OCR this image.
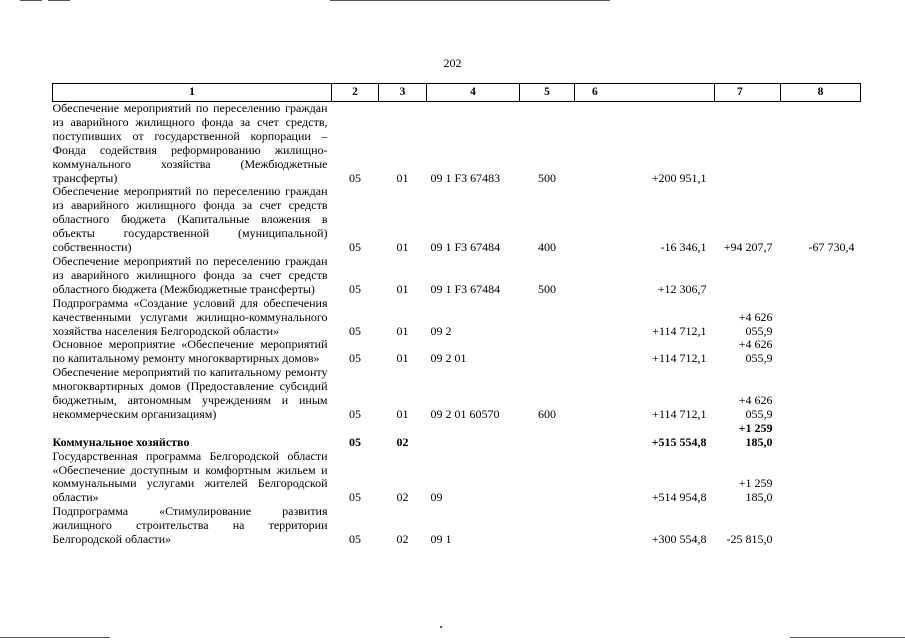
202
1	2	3	4	5	6	7	8
Обеспечение мероприятий по переселению граждан из аварийного жилищного фонда за счет средств, поступивших от государственной корпорации – Фонда содействия реформированию жилищно-коммунального хозяйства (Межбюджетные трансферты)	05	01	09 1 F3 67483	500	+200 951,1		
Обеспечение мероприятий по переселению граждан из аварийного жилищного фонда за счет средств областного бюджета (Капитальные вложения в объекты государственной (муниципальной) собственности)	05	01	09 1 F3 67484	400	-16 346,1	+94 207,7	-67 730,4
Обеспечение мероприятий по переселению граждан из аварийного жилищного фонда за счет средств областного бюджета (Межбюджетные трансферты)	05	01	09 1 F3 67484	500	+12 306,7		
Подпрограмма «Создание условий для обеспечения качественными услугами жилищно-коммунального хозяйства населения Белгородской области»	05	01	09 2		+114 712,1	+4 626 055,9	
Основное мероприятие «Обеспечение мероприятий по капитальному ремонту многоквартирных домов»	05	01	09 2 01		+114 712,1	+4 626 055,9	
Обеспечение мероприятий по капитальному ремонту многоквартирных домов (Предоставление субсидий бюджетным, автономным учреждениям и иным некоммерческим организациям)	05	01	09 2 01 60570	600	+114 712,1	+4 626 055,9	
Коммунальное хозяйство	05	02			+515 554,8	+1 259 185,0	
Государственная программа Белгородской области «Обеспечение доступным и комфортным жильем и коммунальными услугами жителей Белгородской области»	05	02	09		+514 954,8	+1 259 185,0	
Подпрограмма «Стимулирование развития жилищного строительства на территории Белгородской области»	05	02	09 1		+300 554,8	-25 815,0	
